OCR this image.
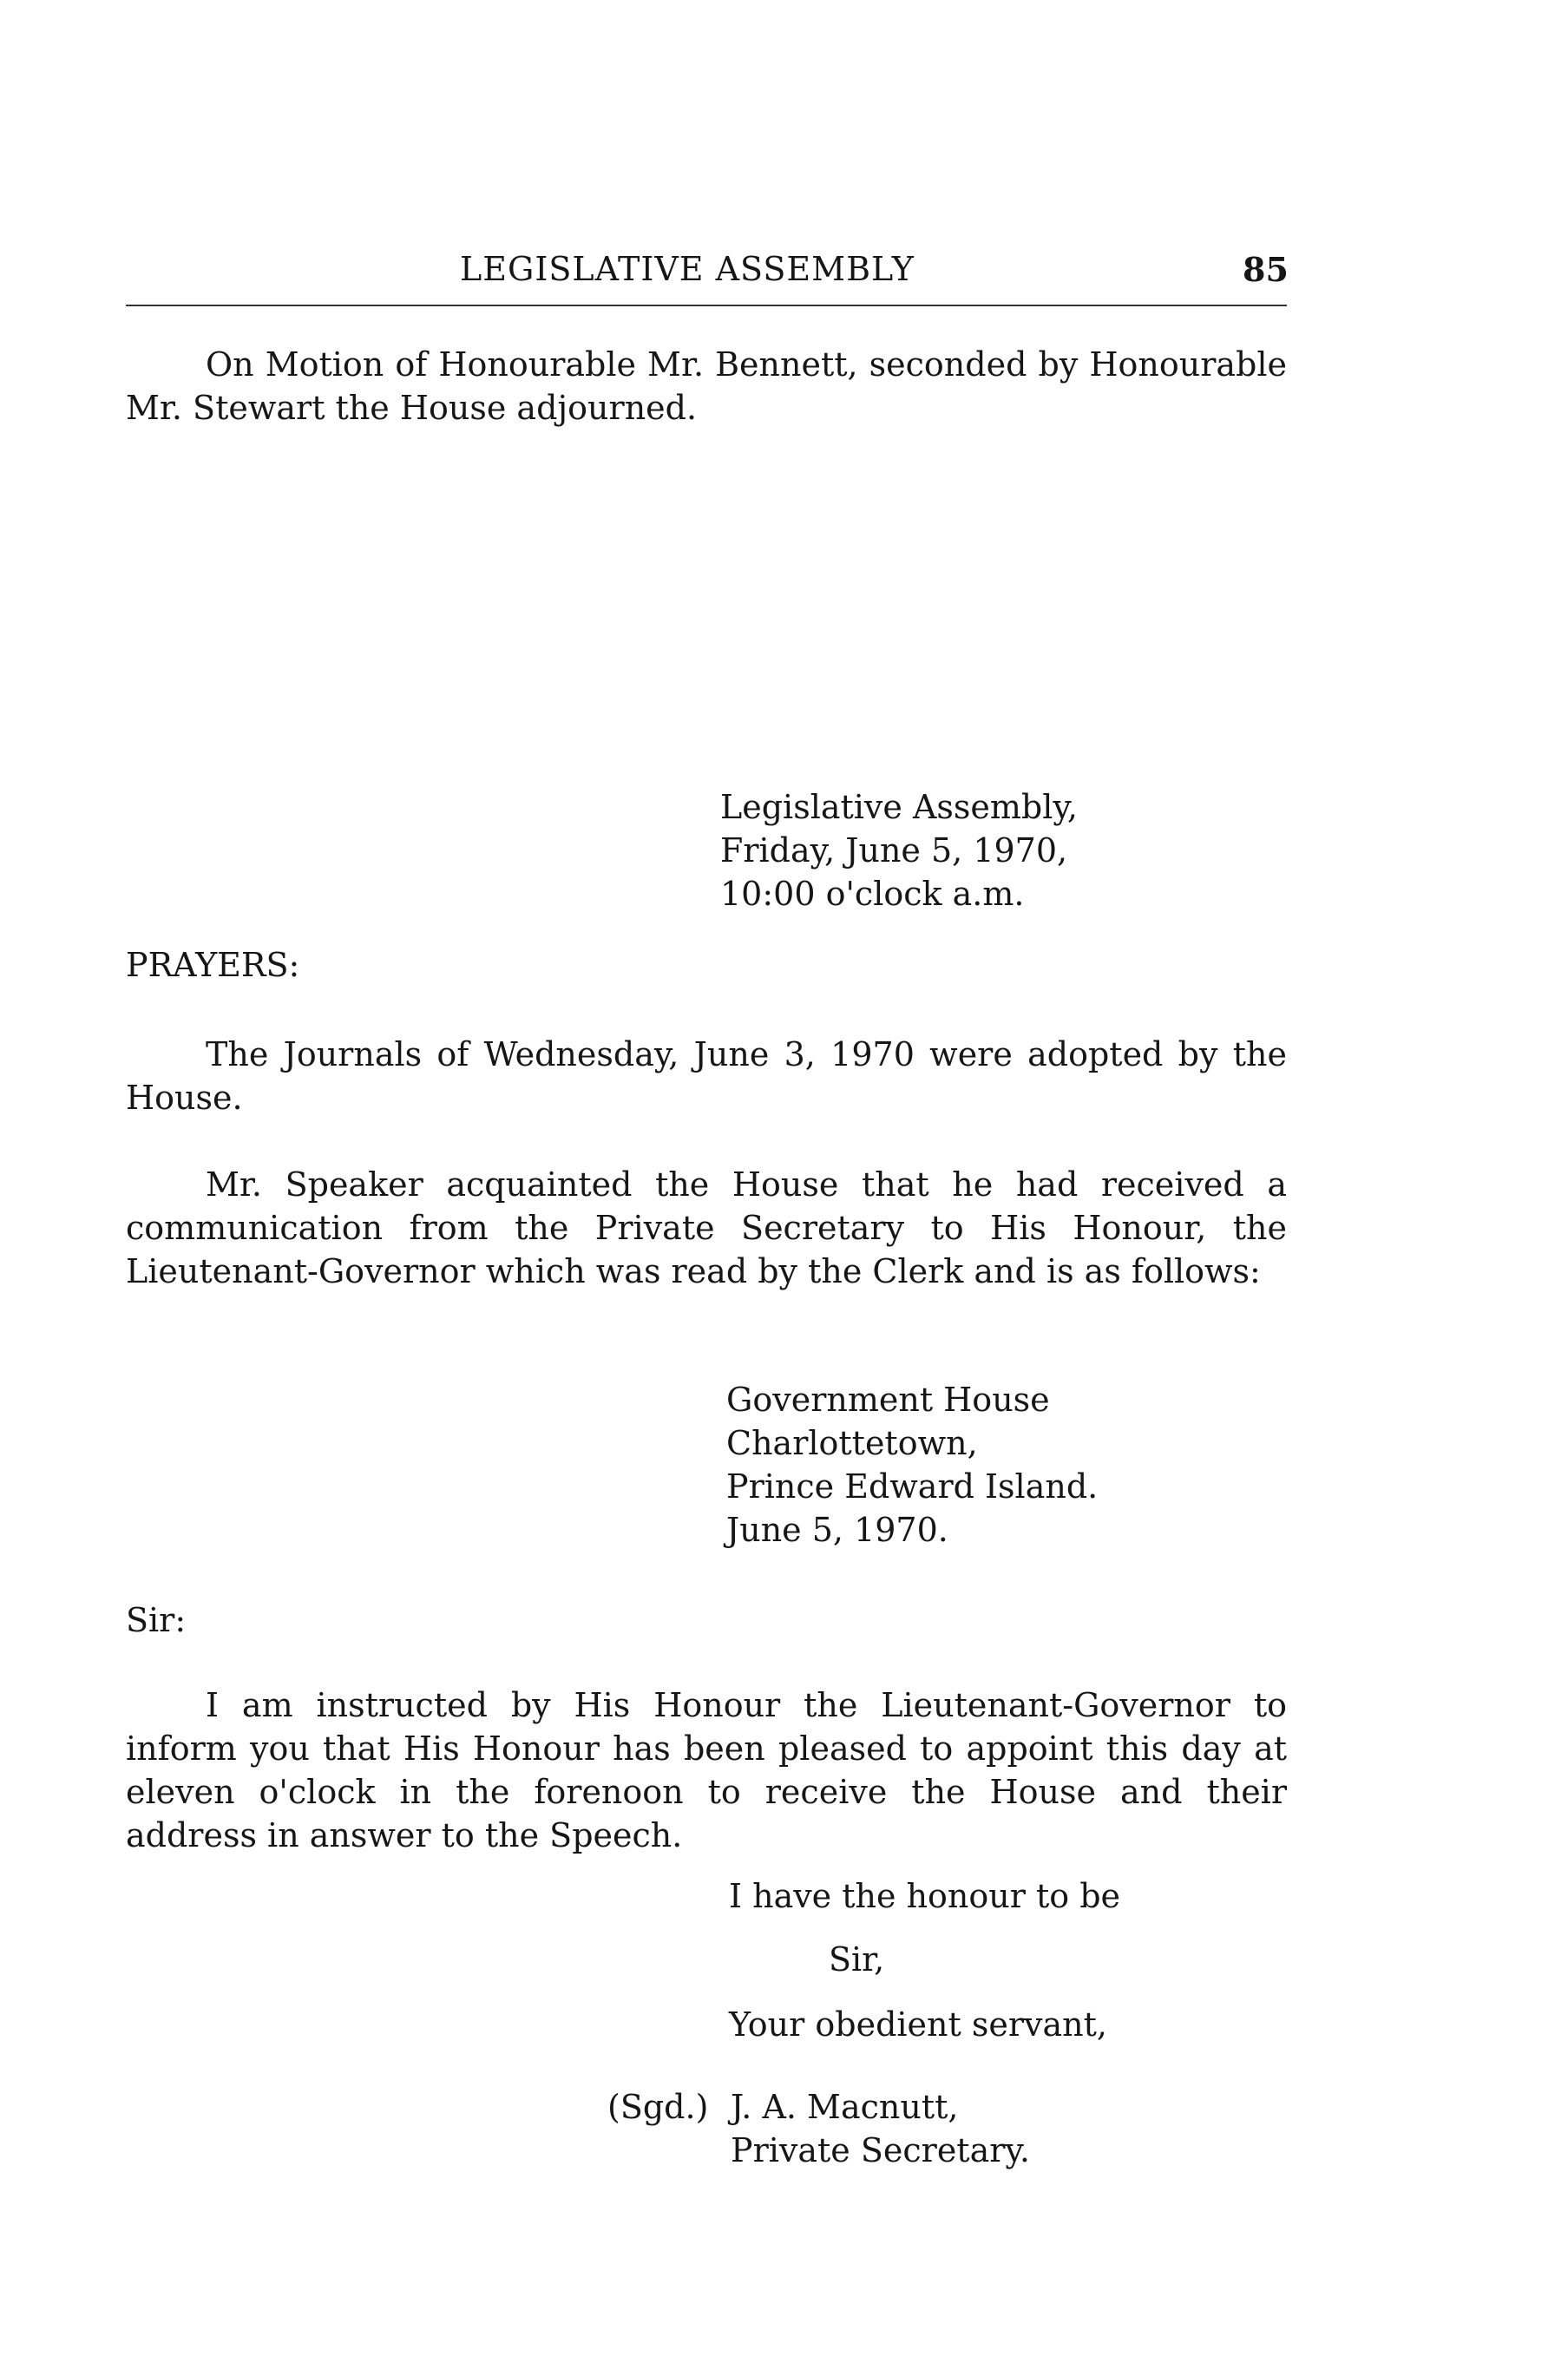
LEGISLATIVE ASSEMBLY	85
On Motion of Honourable Mr. Bennett, seconded by Honourable Mr. Stewart the House adjourned.
Legislative Assembly,
Friday, June 5, 1970,
10:00 o'clock a.m.
PRAYERS:
The Journals of Wednesday, June 3, 1970 were adopted by the House.
Mr. Speaker acquainted the House that he had received a communication from the Private Secretary to His Honour, the Lieutenant-Governor which was read by the Clerk and is as follows:
Government House
Charlottetown,
Prince Edward Island.
June 5, 1970.
Sir:
I am instructed by His Honour the Lieutenant-Governor to inform you that His Honour has been pleased to appoint this day at eleven o'clock in the forenoon to receive the House and their address in answer to the Speech.
I have the honour to be
Sir,
Your obedient servant,
(Sgd.) J. A. Macnutt,
Private Secretary.
